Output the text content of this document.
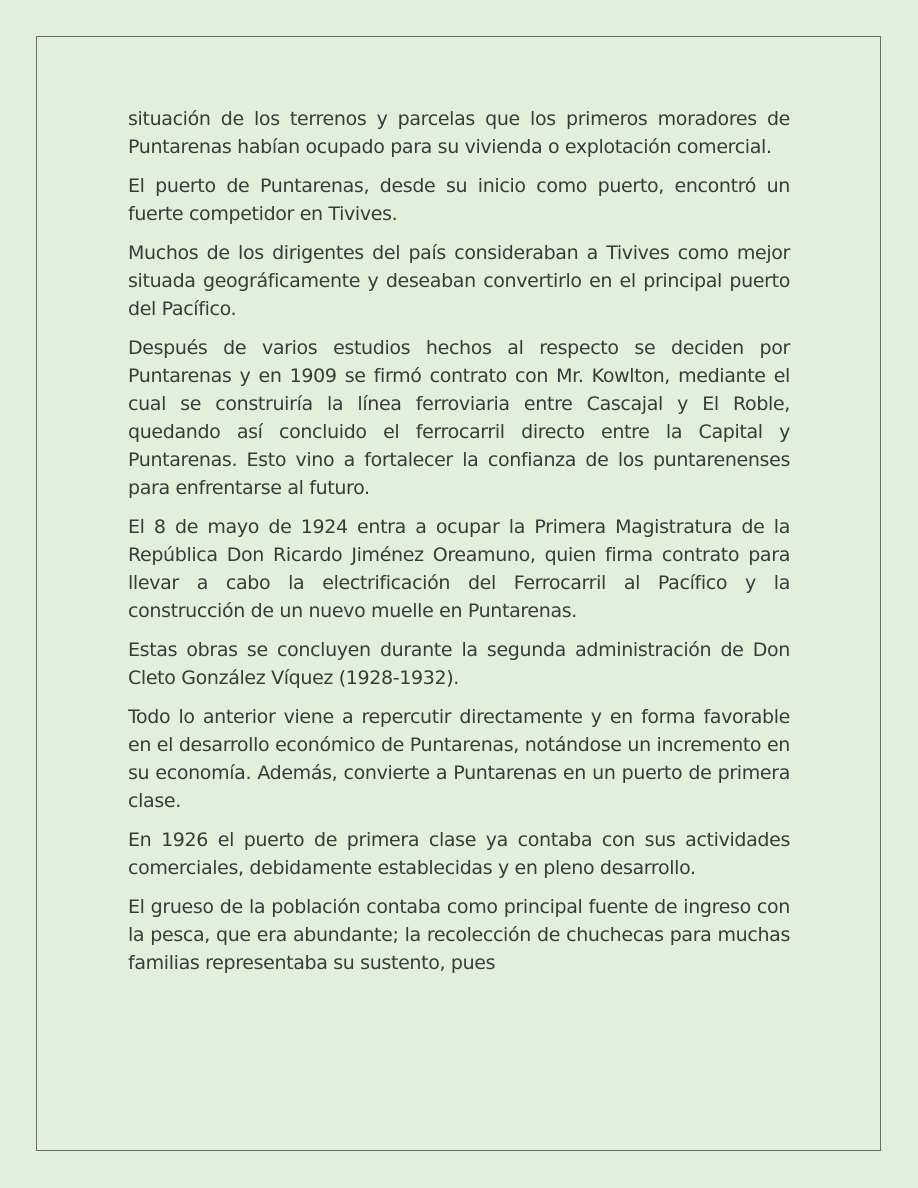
situación de los terrenos y parcelas que los primeros moradores de Puntarenas habían ocupado para su vivienda o explotación comercial.

El puerto de Puntarenas, desde su inicio como puerto, encontró un fuerte competidor en Tivives.

Muchos de los dirigentes del país consideraban a Tivives como mejor situada geográficamente y deseaban convertirlo en el principal puerto del Pacífico.

Después de varios estudios hechos al respecto se deciden por Puntarenas y en 1909 se firmó contrato con Mr. Kowlton, mediante el cual se construiría la línea ferroviaria entre Cascajal y El Roble, quedando así concluido el ferrocarril directo entre la Capital y Puntarenas. Esto vino a fortalecer la confianza de los puntarenenses para enfrentarse al futuro.

El 8 de mayo de 1924 entra a ocupar la Primera Magistratura de la República Don Ricardo Jiménez Oreamuno, quien firma contrato para llevar a cabo la electrificación del Ferrocarril al Pacífico y la construcción de un nuevo muelle en Puntarenas.

Estas obras se concluyen durante la segunda administración de Don Cleto González Víquez (1928-1932).

Todo lo anterior viene a repercutir directamente y en forma favorable en el desarrollo económico de Puntarenas, notándose un incremento en su economía. Además, convierte a Puntarenas en un puerto de primera clase.

En 1926 el puerto de primera clase ya contaba con sus actividades comerciales, debidamente establecidas y en pleno desarrollo.

El grueso de la población contaba como principal fuente de ingreso con la pesca, que era abundante; la recolección de chuchecas para muchas familias representaba su sustento, pues
